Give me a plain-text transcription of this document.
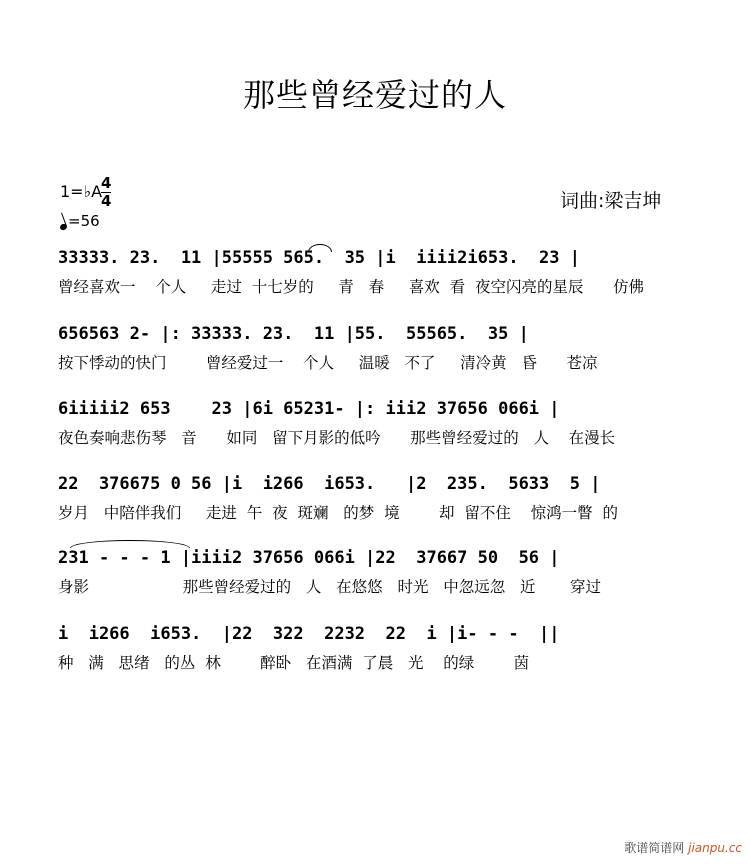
那些曾经爱过的人
1=♭A
4
4
=56
词曲:梁吉坤
33333. 23.  11 |55555 565.  35 |i  iiii2i653.  23 |
曾经喜欢一    个人     走过  十七岁的     青   春     喜欢  看  夜空闪亮的星辰      仿佛
656563 2- |: 33333. 23.  11 |55.  55565.  35 |
按下悸动的快门        曾经爱过一    个人     温暖   不了     清冷黄   昏      苍凉
6iiiii2 653    23 |6i 65231- |: iii2 37656 066i |
夜色奏响悲伤琴   音      如同   留下月影的低吟      那些曾经爱过的   人    在漫长
22  376675 0 56 |i  i266  i653.   |2  235.  5633  5 |
岁月   中陪伴我们     走进  午  夜  斑斓   的梦  境        却  留不住    惊鸿一瞥  的
231 - - - 1 |iiii2 37656 066i |22  37667 50  56 |
身影                   那些曾经爱过的   人   在悠悠   时光   中忽远忽   近       穿过
i  i266  i653.  |22  322  2232  22  i |i- - -  ||
种   满   思绪   的丛  林        醉卧   在酒满  了晨   光    的绿        茵
歌谱简谱网 jianpu.cc
